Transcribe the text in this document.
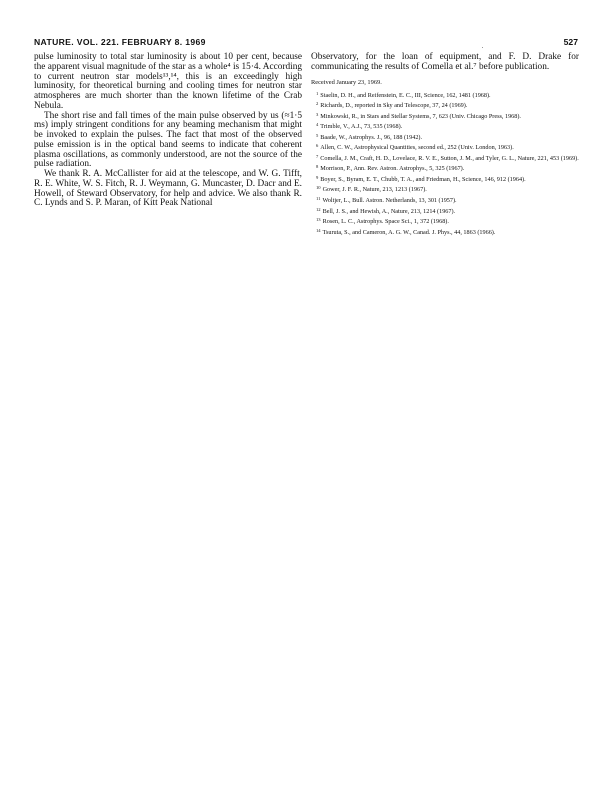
NATURE. VOL. 221. FEBRUARY 8. 1969	527

pulse luminosity to total star luminosity is about 10 per cent, because the apparent visual magnitude of the star as a whole⁴ is 15·4. According to current neutron star models¹³,¹⁴, this is an exceedingly high luminosity, for theoretical burning and cooling times for neutron star atmospheres are much shorter than the known lifetime of the Crab Nebula.

The short rise and fall times of the main pulse observed by us (≈1·5 ms) imply stringent conditions for any beaming mechanism that might be invoked to explain the pulses. The fact that most of the observed pulse emission is in the optical band seems to indicate that coherent plasma oscillations, as commonly understood, are not the source of the pulse radiation.

We thank R. A. McCallister for aid at the telescope, and W. G. Tifft, R. E. White, W. S. Fitch, R. J. Weymann, G. Muncaster, D. Dacr and E. Howell, of Steward Observatory, for help and advice. We also thank R. C. Lynds and S. P. Maran, of Kitt Peak National

Observatory, for the loan of equipment, and F. D. Drake for communicating the results of Comella et al.⁷ before publication.

Received January 23, 1969.
$^1$ Staelin, D. H., and Reifenstein, E. C., III, Science, 162, 1481 (1968).
$^2$ Richards, D., reported in Sky and Telescope, 37, 24 (1969).
$^3$ Minkowski, R., in Stars and Stellar Systems, 7, 623 (Univ. Chicago Press, 1968).
$^4$ Trimble, V., A.J., 73, 535 (1968).
$^5$ Baade, W., Astrophys. J., 96, 188 (1942).
$^6$ Allen, C. W., Astrophysical Quantities, second ed., 252 (Univ. London, 1963).
$^7$ Comella, J. M., Craft, H. D., Lovelace, R. V. E., Sutton, J. M., and Tyler, G. L., Nature, 221, 453 (1969).
$^8$ Morrison, P., Ann. Rev. Astron. Astrophys., 5, 325 (1967).
$^9$ Boyer, S., Byram, E. T., Chubb, T. A., and Friedman, H., Science, 146, 912 (1964).
$^{10}$ Gower, J. F. R., Nature, 213, 1213 (1967).
$^{11}$ Woltjer, L., Bull. Astron. Netherlands, 13, 301 (1957).
$^{12}$ Bell, J. S., and Hewish, A., Nature, 213, 1214 (1967).
$^{13}$ Rosen, L. C., Astrophys. Space Sci., 1, 372 (1968).
$^{14}$ Tsuruta, S., and Cameron, A. G. W., Canad. J. Phys., 44, 1863 (1966).
